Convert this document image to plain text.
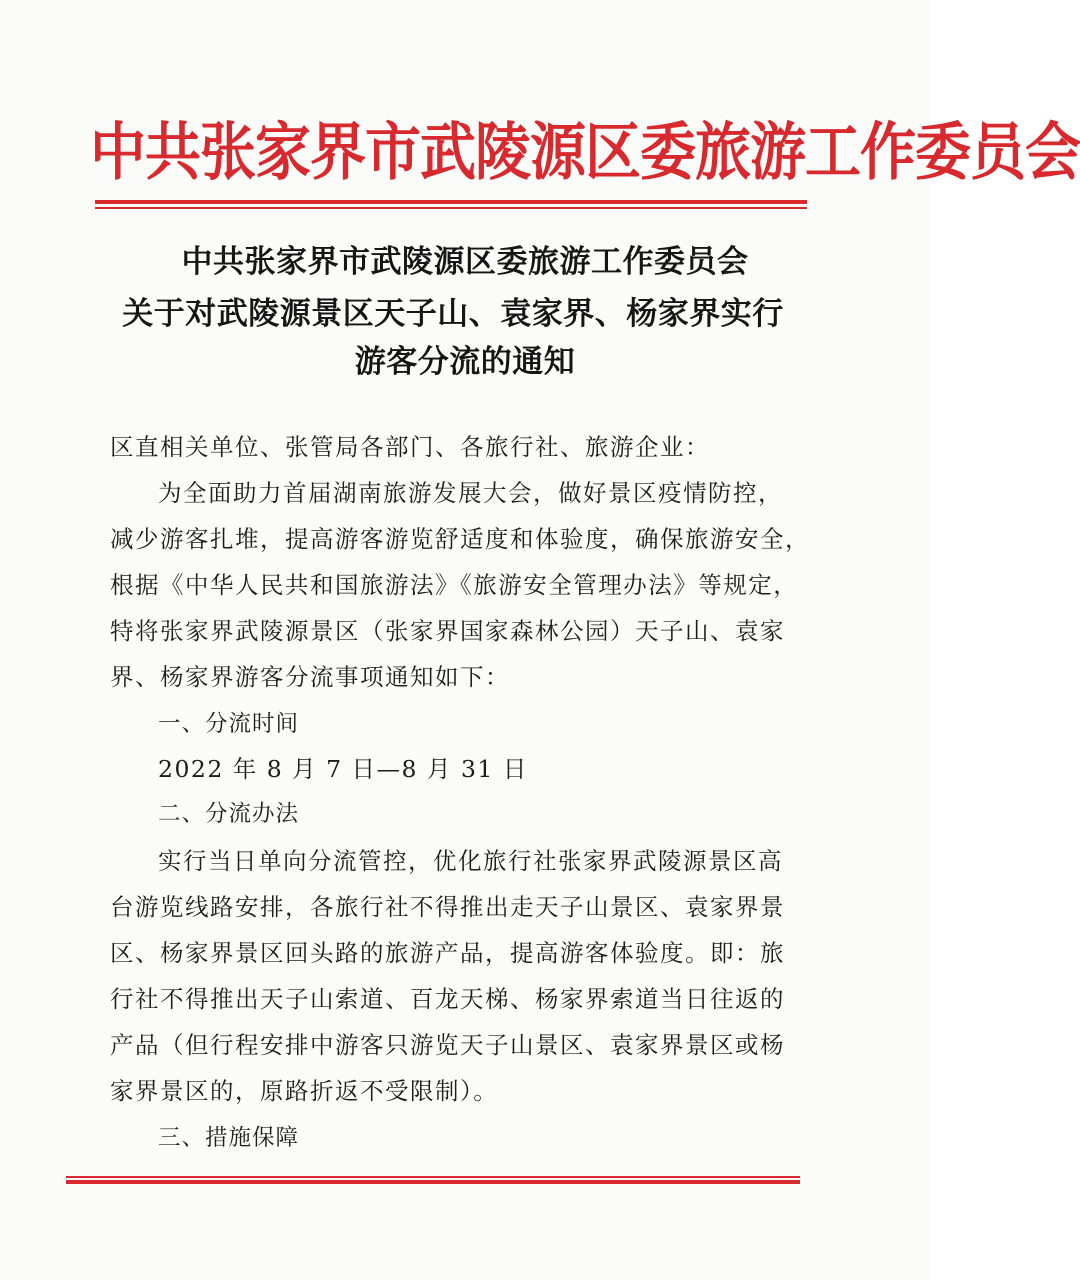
中共张家界市武陵源区委旅游工作委员会
中共张家界市武陵源区委旅游工作委员会
关于对武陵源景区天子山、袁家界、杨家界实行
游客分流的通知
区直相关单位、张管局各部门、各旅行社、旅游企业：
为全面助力首届湖南旅游发展大会，做好景区疫情防控，
减少游客扎堆，提高游客游览舒适度和体验度，确保旅游安全，
根据《中华人民共和国旅游法》《旅游安全管理办法》等规定，
特将张家界武陵源景区（张家界国家森林公园）天子山、袁家
界、杨家界游客分流事项通知如下：
一、分流时间
2022 年 8 月 7 日—8 月 31 日
二、分流办法
实行当日单向分流管控，优化旅行社张家界武陵源景区高
台游览线路安排，各旅行社不得推出走天子山景区、袁家界景
区、杨家界景区回头路的旅游产品，提高游客体验度。即：旅
行社不得推出天子山索道、百龙天梯、杨家界索道当日往返的
产品（但行程安排中游客只游览天子山景区、袁家界景区或杨
家界景区的，原路折返不受限制）。
三、措施保障
